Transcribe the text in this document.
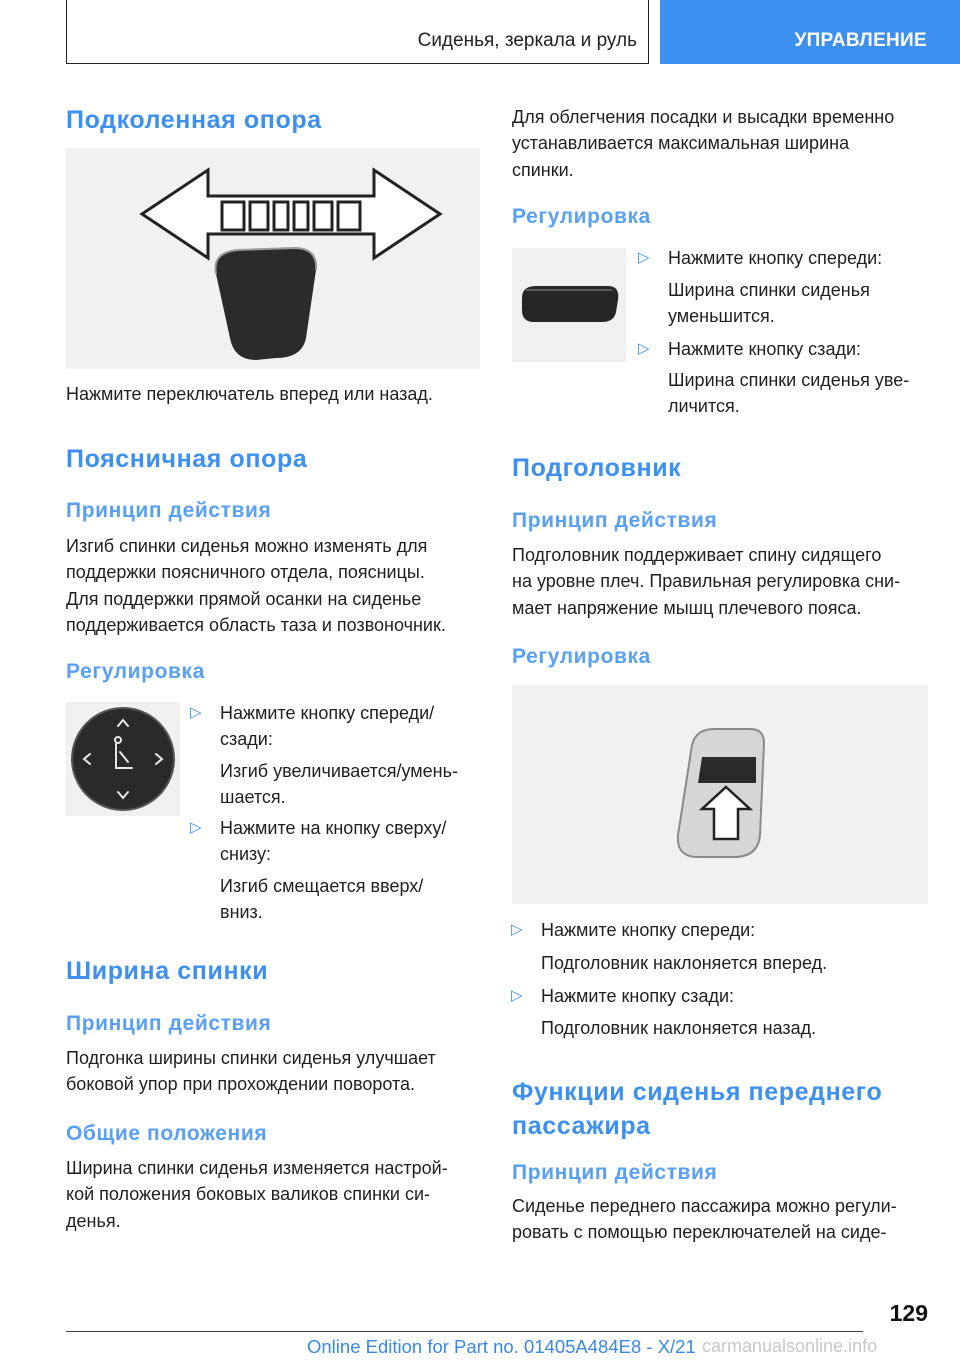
Сиденья, зеркала и руль	УПРАВЛЕНИЕ
Подколенная опора
Нажмите переключатель вперед или назад.
Поясничная опора
Принцип действия
Изгиб спинки сиденья можно изменять для
поддержки поясничного отдела, поясницы.
Для поддержки прямой осанки на сиденье
поддерживается область таза и позвоночник.
Регулировка
▷ Нажмите кнопку спереди/
сзади:
Изгиб увеличивается/умень-
шается.
▷ Нажмите на кнопку сверху/
снизу:
Изгиб смещается вверх/
вниз.
Ширина спинки
Принцип действия
Подгонка ширины спинки сиденья улучшает
боковой упор при прохождении поворота.
Общие положения
Ширина спинки сиденья изменяется настрой-
кой положения боковых валиков спинки си-
денья.
Для облегчения посадки и высадки временно
устанавливается максимальная ширина
спинки.
Регулировка
▷ Нажмите кнопку спереди:
Ширина спинки сиденья
уменьшится.
▷ Нажмите кнопку сзади:
Ширина спинки сиденья уве-
личится.
Подголовник
Принцип действия
Подголовник поддерживает спину сидящего
на уровне плеч. Правильная регулировка сни-
мает напряжение мышц плечевого пояса.
Регулировка
▷ Нажмите кнопку спереди:
Подголовник наклоняется вперед.
▷ Нажмите кнопку сзади:
Подголовник наклоняется назад.
Функции сиденья переднего
пассажира
Принцип действия
Сиденье переднего пассажира можно регули-
ровать с помощью переключателей на сиде-
129
Online Edition for Part no. 01405A484E8 - X/21 carmanualsonline.info
